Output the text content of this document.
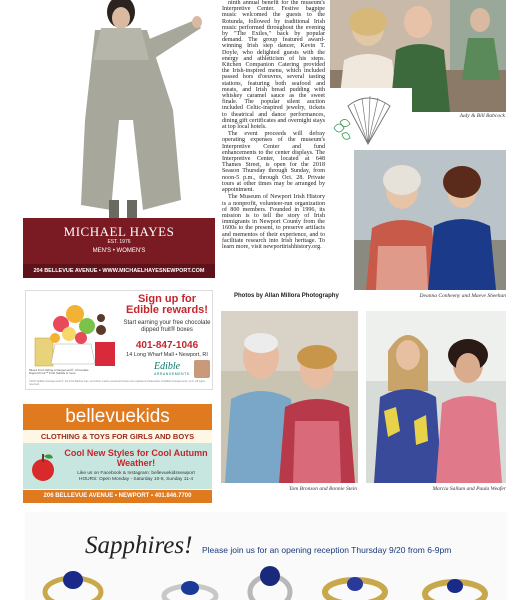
MICHAEL HAYES
EST. 1976
MEN'S • WOMEN'S
204 BELLEVUE AVENUE • WWW.MICHAELHAYESNEWPORT.COM

ninth annual benefit for the museum's Interpretive Center. Festive bagpipe music welcomed the guests to the Rotunda, followed by traditional Irish music performed throughout the evening by "The Exiles," back by popular demand. The group featured award-winning Irish step dancer, Kevin T. Doyle, who delighted guests with the energy and athleticism of his steps. Kitchen Companion Catering provided the Irish-inspired menu, which included passed hors d'oeuvres, several tasting stations, featuring both seafood and meats, and Irish bread pudding with whiskey caramel sauce as the sweet finale. The popular silent auction included Celtic-inspired jewelry, tickets to theatrical and dance performances, dining gift certificates and overnight stays at top local hotels.

The event proceeds will defray operating expenses of the museum's Interpretive Center and fund enhancements to the center displays. The Interpretive Center, located at 648 Thames Street, is open for the 2018 Season Thursday through Sunday, from noon-5 p.m., through Oct. 28. Private tours at other times may be arranged by appointment.

The Museum of Newport Irish History is a nonprofit, volunteer-run organization of 800 members. Founded in 1996, its mission is to tell the story of Irish immigrants in Newport County from the 1600s to the present, to preserve artifacts and mementos of their experience, and to facilitate research into Irish heritage. To learn more, visit newportirishhistory.org.

Judy & Bill Babcock
Deanna Conheeny and Maeve Sheehan
Photos by Allan Millora Photography
Tom Bronson and Bonnie Stein	Marcia Sallum and Paula Weafer
Sign up for Edible rewards!
Start earning your free chocolate dipped fruit® boxes
401-847-1046
14 Long Wharf Mall • Newport, RI
Edible
ARRANGEMENTS
Mixed Fruit Hiding Arrangement®, Chocolate Dipped Fruit™ Fruit Salads & more
©2017 Edible Arrangements®, the Fruit Basket logo, and other marks mentioned herein are registered trademarks of Edible Arrangements, LLC. All rights reserved.
bellevuekids
CLOTHING & TOYS FOR GIRLS AND BOYS
Cool New Styles for Cool Autumn Weather!
Like us on Facebook & Instagram: bellevuekidsnewport
HOURS: Open Monday - Saturday 10-5, Sunday 11-4
206 BELLEVUE AVENUE • NEWPORT • 401.846.7700
Sapphires! Please join us for an opening reception Thursday 9/20 from 6-9pm
